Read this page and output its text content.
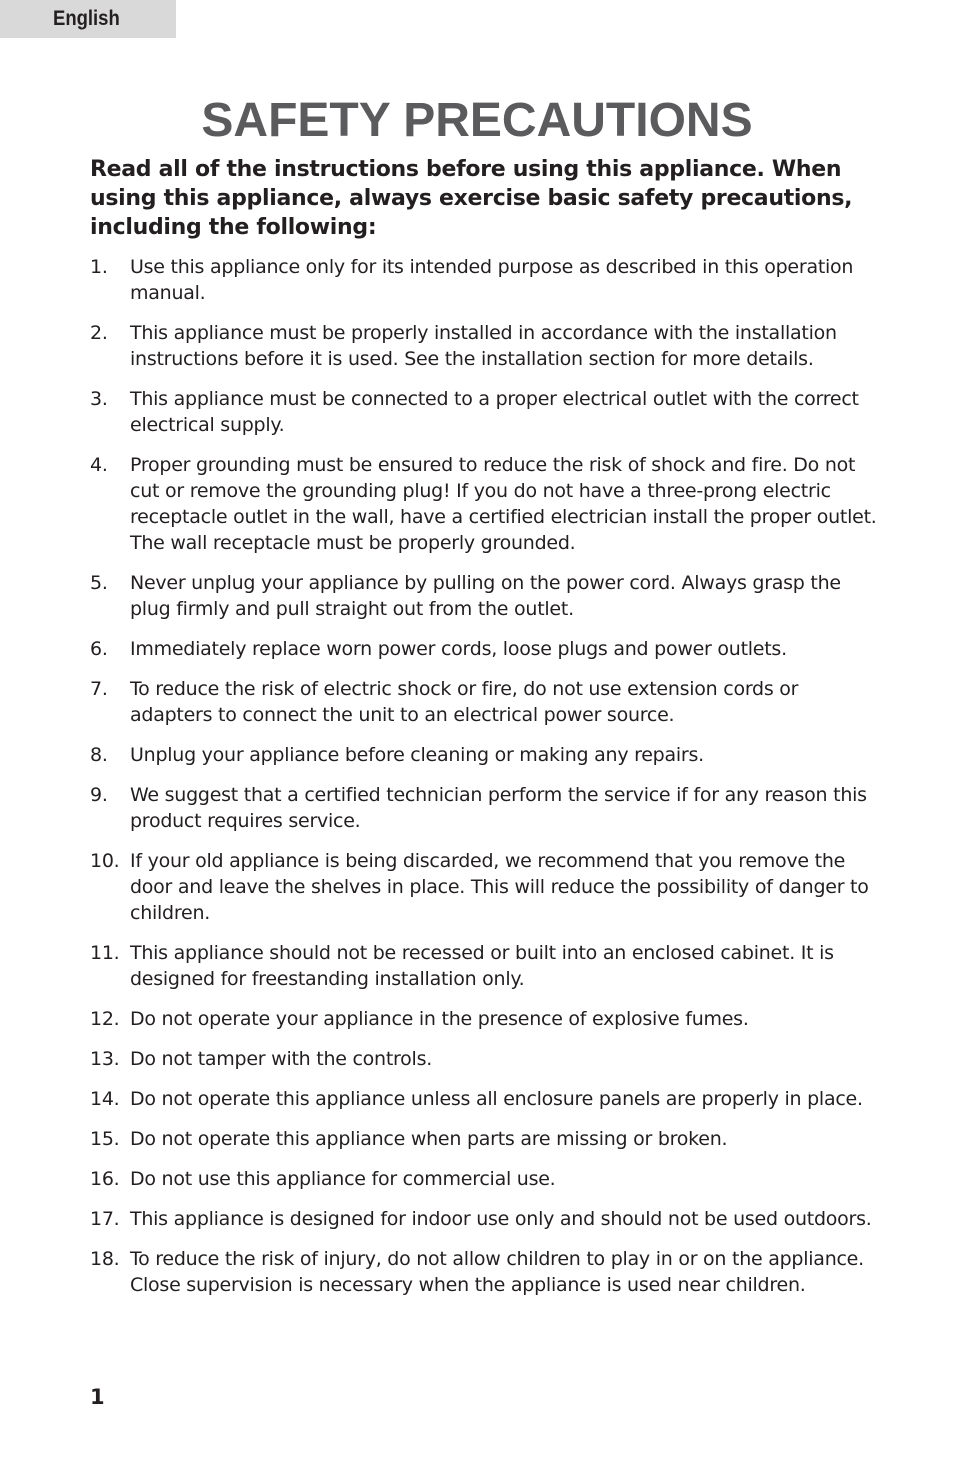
English
SAFETY PRECAUTIONS

Read all of the instructions before using this appliance. When using this appliance, always exercise basic safety precautions, including the following:

1. Use this appliance only for its intended purpose as described in this operation manual.
2. This appliance must be properly installed in accordance with the installation instructions before it is used. See the installation section for more details.
3. This appliance must be connected to a proper electrical outlet with the correct electrical supply.
4. Proper grounding must be ensured to reduce the risk of shock and fire. Do not cut or remove the grounding plug! If you do not have a three-prong electric receptacle outlet in the wall, have a certified electrician install the proper outlet. The wall receptacle must be properly grounded.
5. Never unplug your appliance by pulling on the power cord. Always grasp the plug firmly and pull straight out from the outlet.
6. Immediately replace worn power cords, loose plugs and power outlets.
7. To reduce the risk of electric shock or fire, do not use extension cords or adapters to connect the unit to an electrical power source.
8. Unplug your appliance before cleaning or making any repairs.
9. We suggest that a certified technician perform the service if for any reason this product requires service.
10. If your old appliance is being discarded, we recommend that you remove the door and leave the shelves in place. This will reduce the possibility of danger to children.
11. This appliance should not be recessed or built into an enclosed cabinet. It is designed for freestanding installation only.
12. Do not operate your appliance in the presence of explosive fumes.
13. Do not tamper with the controls.
14. Do not operate this appliance unless all enclosure panels are properly in place.
15. Do not operate this appliance when parts are missing or broken.
16. Do not use this appliance for commercial use.
17. This appliance is designed for indoor use only and should not be used outdoors.
18. To reduce the risk of injury, do not allow children to play in or on the appliance. Close supervision is necessary when the appliance is used near children.
1
